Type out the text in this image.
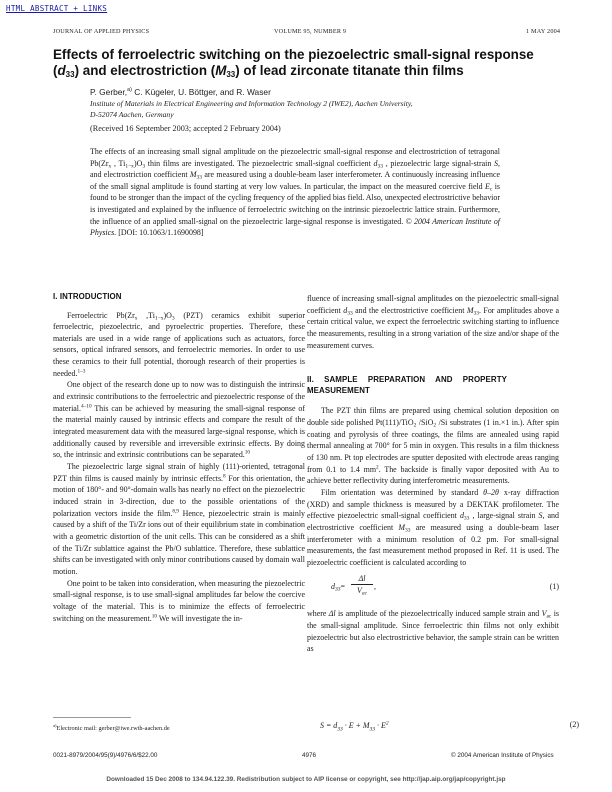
HTML ABSTRACT + LINKS
JOURNAL OF APPLIED PHYSICS	VOLUME 95, NUMBER 9	1 MAY 2004
Effects of ferroelectric switching on the piezoelectric small-signal response
$(d_{33})$ and electrostriction $(M_{33})$ of lead zirconate titanate thin films
P. Gerber,$^{a)}$ C. Kügeler, U. Böttger, and R. Waser
Institute of Materials in Electrical Engineering and Information Technology 2 (IWE2), Aachen University,
D-52074 Aachen, Germany
(Received 16 September 2003; accepted 2 February 2004)
The effects of an increasing small signal amplitude on the piezoelectric small-signal response and electrostriction of tetragonal $Pb(Zr_x$ , $Ti_{1-x})O_3$ thin films are investigated. The piezoelectric small-signal coefficient $d_{33}$ , piezoelectric large signal-strain S, and electrostriction coefficient $M_{33}$ are measured using a double-beam laser interferometer. A continuously increasing influence of the small signal amplitude is found starting at very low values. In particular, the impact on the measured coercive field $E_c$ is found to be stronger than the impact of the cycling frequency of the applied bias field. Also, unexpected electrostrictive behavior is investigated and explained by the influence of ferroelectric switching on the intrinsic piezoelectric lattice strain. Furthermore, the influence of an applied small-signal on the piezoelectric large-signal response is investigated. © 2004 American Institute of Physics. [DOI: 10.1063/1.1690098]
I. INTRODUCTION

Ferroelectric $Pb(Zr_x$ $,Ti_{1-x})O_3$ (PZT) ceramics exhibit superior ferroelectric, piezoelectric, and pyroelectric properties. Therefore, these materials are used in a wide range of applications such as actuators, force sensors, optical infrared sensors, and ferroelectric memories. In order to use these ceramics to their full potential, thorough research of their properties is needed.$^{1-3}$

One object of the research done up to now was to distinguish the intrinsic and extrinsic contributions to the ferroelectric and piezoelectric response of the material.$^{4-10}$ This can be achieved by measuring the small-signal response of the material mainly caused by intrinsic effects and compare the result of the integrated measurement data with the measured large-signal response, which is additionally caused by reversible and irreversible extrinsic effects. By doing so, the intrinsic and extrinsic contributions can be separated.$^{10}$

The piezoelectric large signal strain of highly (111)-oriented, tetragonal PZT thin films is caused mainly by intrinsic effects.$^8$ For this orientation, the motion of 180°- and 90°-domain walls has nearly no effect on the piezoelectric induced strain in 3-direction, due to the possible orientations of the polarization vectors inside the film.$^{8,9}$ Hence, piezoelectric strain is mainly caused by a shift of the Ti/Zr ions out of their equilibrium state in combination with a geometric distortion of the unit cells. This can be considered as a shift of the Ti/Zr sublattice against the Pb/O sublattice. Therefore, these sublattice shifts can be investigated with only minor contributions caused by domain wall motion.

One point to be taken into consideration, when measuring the piezoelectric small-signal response, is to use small-signal amplitudes far below the coercive voltage of the material. This is to minimize the effects of ferroelectric switching on the measurement.$^{10}$ We will investigate the in-

fluence of increasing small-signal amplitudes on the piezoelectric small-signal coefficient $d_{33}$ and the electrostrictive coefficient $M_{33}$. For amplitudes above a certain critical value, we expect the ferroelectric switching starting to influence the measurements, resulting in a strong variation of the size and/or shape of the measurement curves.

II. SAMPLE PREPARATION AND PROPERTY MEASUREMENT

The PZT thin films are prepared using chemical solution deposition on double side polished Pt(111)/TiO$_2$ /SiO$_2$ /Si substrates (1 in.×1 in.). After spin coating and pyrolysis of three coatings, the films are annealed using rapid thermal annealing at 700° for 5 min in oxygen. This results in a film thickness of 130 nm. Pt top electrodes are sputter deposited with electrode areas ranging from 0.1 to 1.4 $mm^2$. The backside is finally vapor deposited with Au to achieve better reflectivity during interferometric measurements.

Film orientation was determined by standard θ–2θ x-ray diffraction (XRD) and sample thickness is measured by a DEKTAK profilometer. The effective piezoelectric small-signal coefficient $d_{33}$ , large-signal strain S, and electrostrictive coefficient $M_{33}$ are measured using a double-beam laser interferometer with a minimum resolution of 0.2 pm. For small-signal measurements, the fast measurement method proposed in Ref. 11 is used. The piezoelectric coefficient is calculated according to

$d_{33}=$
Δl
$V_{ac}$
,	(1)

where Δl is amplitude of the piezoelectrically induced sample strain and $V_{ac}$ is the small-signal amplitude. Since ferroelectric thin films not only exhibit piezoelectric but also electrostrictive behavior, the sample strain can be written as

$S = d_{33} \cdot E + M_{33} \cdot E^2$	(2)
$^{a)}$Electronic mail: gerber@iwe.rwth-aachen.de
0021-8979/2004/95(9)/4976/6/$22.00	4976	© 2004 American Institute of Physics
Downloaded 15 Dec 2008 to 134.94.122.39. Redistribution subject to AIP license or copyright, see http://jap.aip.org/jap/copyright.jsp
